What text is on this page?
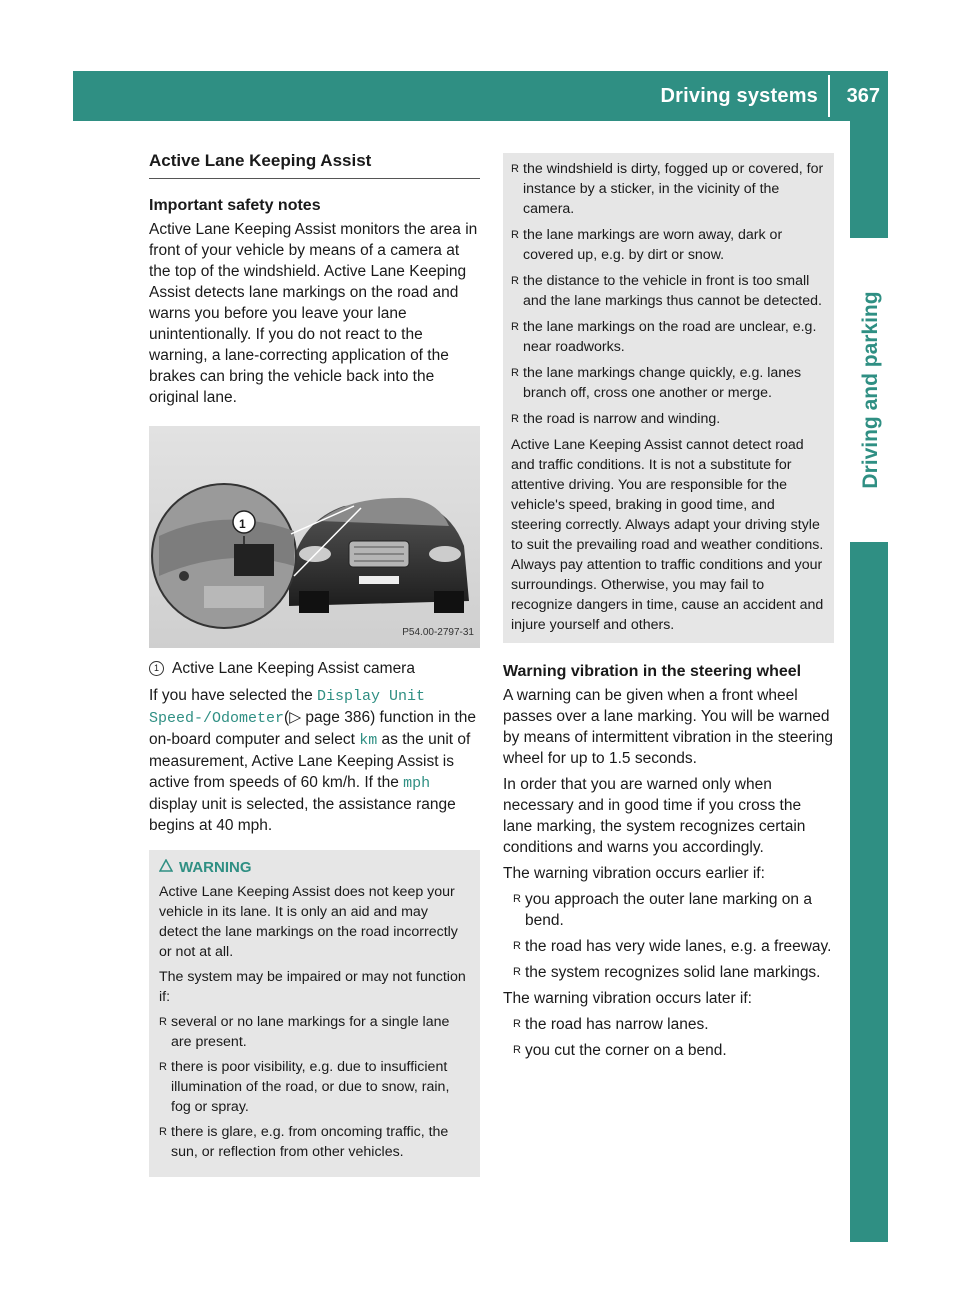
Driving systems 367
Driving and parking
Active Lane Keeping Assist
Important safety notes

Active Lane Keeping Assist monitors the area in front of your vehicle by means of a camera at the top of the windshield. Active Lane Keeping Assist detects lane markings on the road and warns you before you leave your lane unintentionally. If you do not react to the warning, a lane-correcting application of the brakes can bring the vehicle back into the original lane.

1
P54.00-2797-31

1 Active Lane Keeping Assist camera

If you have selected the Display Unit Speed-/Odometer(▷ page 386) function in the on-board computer and select km as the unit of measurement, Active Lane Keeping Assist is active from speeds of 60 km/h. If the mph display unit is selected, the assistance range begins at 40 mph.

WARNING

Active Lane Keeping Assist does not keep your vehicle in its lane. It is only an aid and may detect the lane markings on the road incorrectly or not at all.

The system may be impaired or may not function if:

R several or no lane markings for a single lane are present.
R there is poor visibility, e.g. due to insufficient illumination of the road, or due to snow, rain, fog or spray.
R there is glare, e.g. from oncoming traffic, the sun, or reflection from other vehicles.
R the windshield is dirty, fogged up or covered, for instance by a sticker, in the vicinity of the camera.
R the lane markings are worn away, dark or covered up, e.g. by dirt or snow.
R the distance to the vehicle in front is too small and the lane markings thus cannot be detected.
R the lane markings on the road are unclear, e.g. near roadworks.
R the lane markings change quickly, e.g. lanes branch off, cross one another or merge.
R the road is narrow and winding.

Active Lane Keeping Assist cannot detect road and traffic conditions. It is not a substitute for attentive driving. You are responsible for the vehicle's speed, braking in good time, and steering correctly. Always adapt your driving style to suit the prevailing road and weather conditions. Always pay attention to traffic conditions and your surroundings. Otherwise, you may fail to recognize dangers in time, cause an accident and injure yourself and others.

Warning vibration in the steering wheel

A warning can be given when a front wheel passes over a lane marking. You will be warned by means of intermittent vibration in the steering wheel for up to 1.5 seconds.

In order that you are warned only when necessary and in good time if you cross the lane marking, the system recognizes certain conditions and warns you accordingly.

The warning vibration occurs earlier if:

R you approach the outer lane marking on a bend.
R the road has very wide lanes, e.g. a freeway.
R the system recognizes solid lane markings.

The warning vibration occurs later if:

R the road has narrow lanes.
R you cut the corner on a bend.
